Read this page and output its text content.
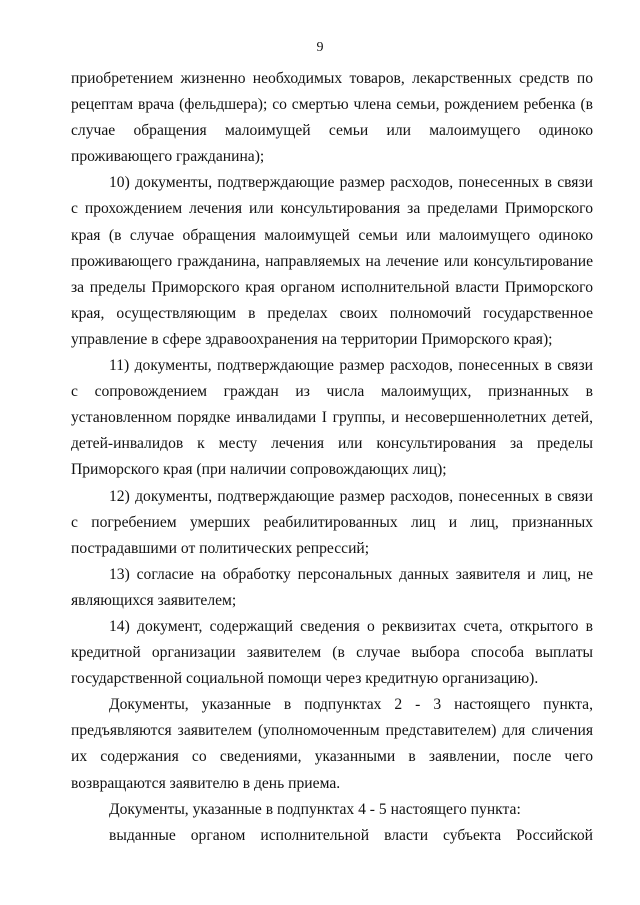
9

приобретением жизненно необходимых товаров, лекарственных средств по рецептам врача (фельдшера); со смертью члена семьи, рождением ребенка (в случае обращения малоимущей семьи или малоимущего одиноко проживающего гражданина);

10) документы, подтверждающие размер расходов, понесенных в связи с прохождением лечения или консультирования за пределами Приморского края (в случае обращения малоимущей семьи или малоимущего одиноко проживающего гражданина, направляемых на лечение или консультирование за пределы Приморского края органом исполнительной власти Приморского края, осуществляющим в пределах своих полномочий государственное управление в сфере здравоохранения на территории Приморского края);

11) документы, подтверждающие размер расходов, понесенных в связи с сопровождением граждан из числа малоимущих, признанных в установленном порядке инвалидами I группы, и несовершеннолетних детей, детей-инвалидов к месту лечения или консультирования за пределы Приморского края (при наличии сопровождающих лиц);

12) документы, подтверждающие размер расходов, понесенных в связи с погребением умерших реабилитированных лиц и лиц, признанных пострадавшими от политических репрессий;

13) согласие на обработку персональных данных заявителя и лиц, не являющихся заявителем;

14) документ, содержащий сведения о реквизитах счета, открытого в кредитной организации заявителем (в случае выбора способа выплаты государственной социальной помощи через кредитную организацию).

Документы, указанные в подпунктах 2 - 3 настоящего пункта, предъявляются заявителем (уполномоченным представителем) для сличения их содержания со сведениями, указанными в заявлении, после чего возвращаются заявителю в день приема.

Документы, указанные в подпунктах 4 - 5 настоящего пункта:

выданные органом исполнительной власти субъекта Российской
